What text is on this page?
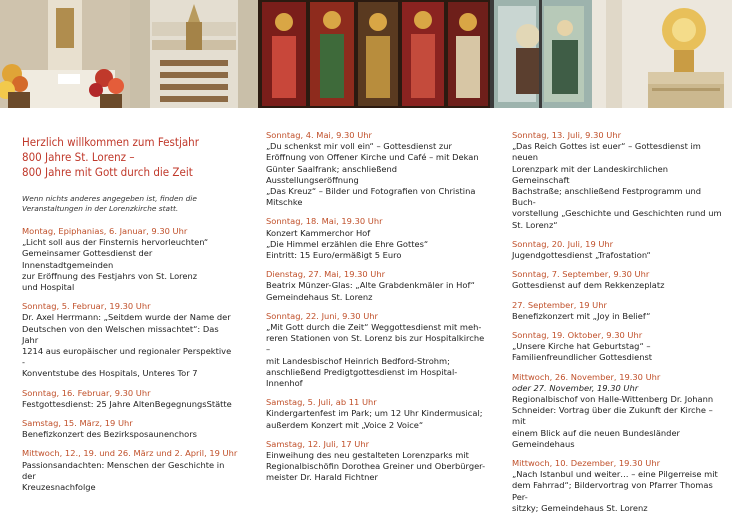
Herzlich willkommen zum Festjahr
800 Jahre St. Lorenz –
800 Jahre mit Gott durch die Zeit
Wenn nichts anderes angegeben ist, finden die
Veranstaltungen in der Lorenzkirche statt.
Montag, Epiphanias, 6. Januar, 9.30 Uhr
„Licht soll aus der Finsternis hervorleuchten“
Gemeinsamer Gottesdienst der Innenstadtgemeinden
zur Eröffnung des Festjahrs von St. Lorenz
und Hospital
Sonntag, 5. Februar, 19.30 Uhr
Dr. Axel Herrmann: „Seitdem wurde der Name der
Deutschen von den Welschen missachtet“: Das Jahr
1214 aus europäischer und regionaler Perspektive -
Konventstube des Hospitals, Unteres Tor 7
Sonntag, 16. Februar, 9.30 Uhr
Festgottesdienst: 25 Jahre AltenBegegnungsStätte
Samstag, 15. März, 19 Uhr
Benefizkonzert des Bezirksposaunenchors
Mittwoch, 12., 19. und 26. März und 2. April, 19 Uhr
Passionsandachten: Menschen der Geschichte in der
Kreuzesnachfolge
Sonntag, 4. Mai, 9.30 Uhr
„Du schenkst mir voll ein“ – Gottesdienst zur
Eröffnung von Offener Kirche und Café – mit Dekan
Günter Saalfrank; anschließend Ausstellungseröffnung
„Das Kreuz“ – Bilder und Fotografien von Christina
Mitschke
Sonntag, 18. Mai, 19.30 Uhr
Konzert Kammerchor Hof
„Die Himmel erzählen die Ehre Gottes“
Eintritt: 15 Euro/ermäßigt 5 Euro
Dienstag, 27. Mai, 19.30 Uhr
Beatrix Münzer-Glas: „Alte Grabdenkmäler in Hof“
Gemeindehaus St. Lorenz
Sonntag, 22. Juni, 9.30 Uhr
„Mit Gott durch die Zeit“ Weggottesdienst mit meh-
reren Stationen von St. Lorenz bis zur Hospitalkirche –
mit Landesbischof Heinrich Bedford-Strohm;
anschließend Predigtgottesdienst im Hospital-
Innenhof
Samstag, 5. Juli, ab 11 Uhr
Kindergartenfest im Park; um 12 Uhr Kindermusical;
außerdem Konzert mit „Voice 2 Voice“
Samstag, 12. Juli, 17 Uhr
Einweihung des neu gestalteten Lorenzparks mit
Regionalbischöfin Dorothea Greiner und Oberbürger-
meister Dr. Harald Fichtner
Sonntag, 13. Juli, 9.30 Uhr
„Das Reich Gottes ist euer“ – Gottesdienst im neuen
Lorenzpark mit der Landeskirchlichen Gemeinschaft
Bachstraße; anschließend Festprogramm und Buch-
vorstellung „Geschichte und Geschichten rund um
St. Lorenz“
Sonntag, 20. Juli, 19 Uhr
Jugendgottesdienst „Trafostation“
Sonntag, 7. September, 9.30 Uhr
Gottesdienst auf dem Rekkenzeplatz
27. September, 19 Uhr
Benefizkonzert mit „Joy in Belief“
Sonntag, 19. Oktober, 9.30 Uhr
„Unsere Kirche hat Geburtstag“ –
Familienfreundlicher Gottesdienst
Mittwoch, 26. November, 19.30 Uhr
oder 27. November, 19.30 Uhr
Regionalbischof von Halle-Wittenberg Dr. Johann
Schneider: Vortrag über die Zukunft der Kirche – mit
einem Blick auf die neuen Bundesländer
Gemeindehaus
Mittwoch, 10. Dezember, 19.30 Uhr
„Nach Istanbul und weiter… – eine Pilgerreise mit
dem Fahrrad“; Bildervortrag von Pfarrer Thomas Per-
sitzky; Gemeindehaus St. Lorenz
